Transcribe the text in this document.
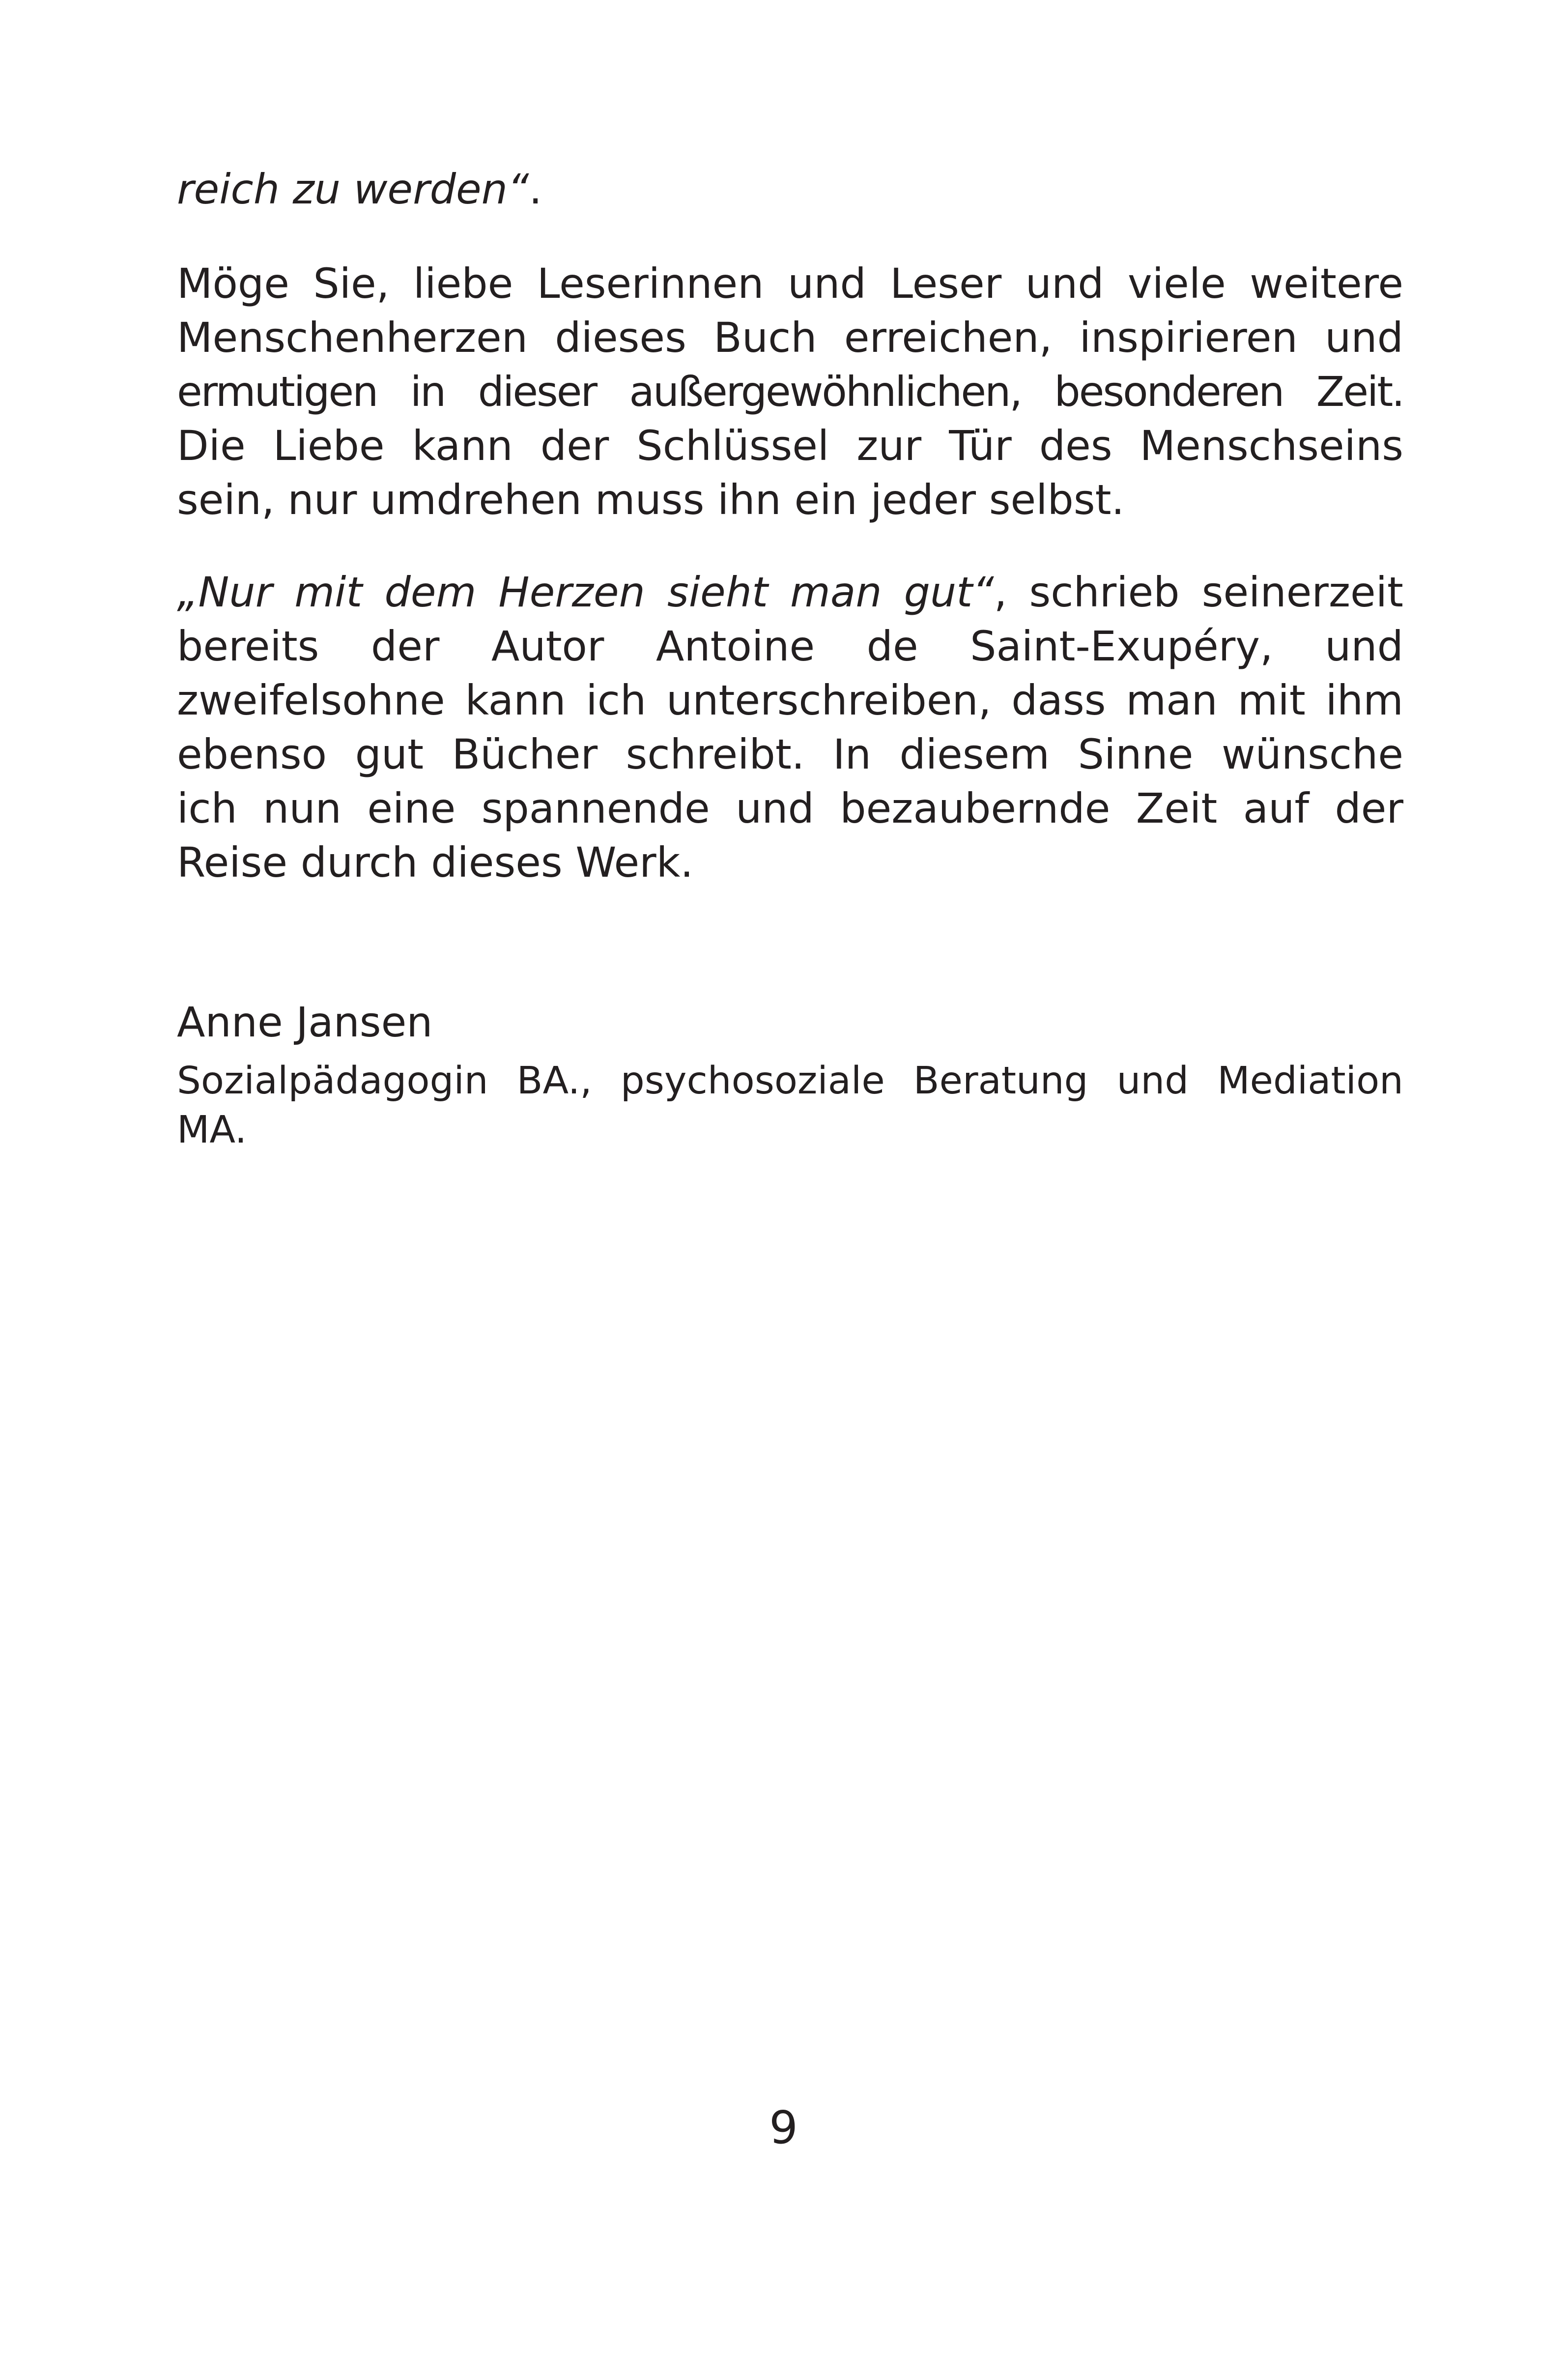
reich zu werden“.
Möge Sie, liebe Leserinnen und Leser und viele weitere
Menschenherzen dieses Buch erreichen, inspirieren und
ermutigen in dieser außergewöhnlichen, besonderen Zeit.
Die Liebe kann der Schlüssel zur Tür des Menschseins
sein, nur umdrehen muss ihn ein jeder selbst.
„Nur mit dem Herzen sieht man gut“, schrieb seinerzeit
bereits der Autor Antoine de Saint-Exupéry, und
zweifelsohne kann ich unterschreiben, dass man mit ihm
ebenso gut Bücher schreibt. In diesem Sinne wünsche
ich nun eine spannende und bezaubernde Zeit auf der
Reise durch dieses Werk.
Anne Jansen
Sozialpädagogin BA., psychosoziale Beratung und Mediation
MA.
9
